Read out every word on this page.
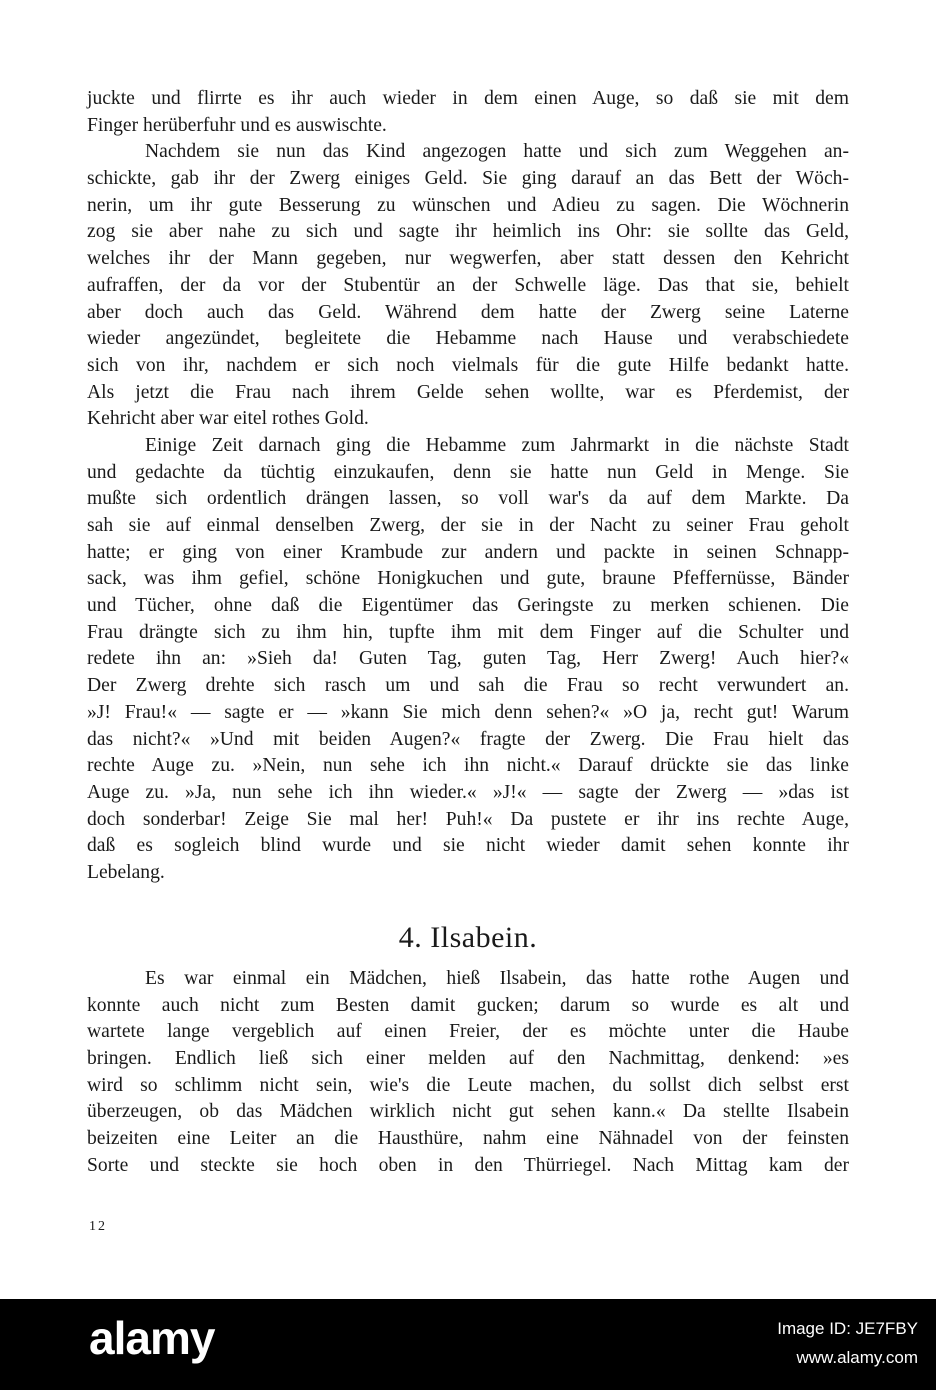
juckte und flirrte es ihr auch wieder in dem einen Auge, so daß sie mit dem
Finger herüberfuhr und es auswischte.
Nachdem sie nun das Kind angezogen hatte und sich zum Weggehen an-
schickte, gab ihr der Zwerg einiges Geld. Sie ging darauf an das Bett der Wöch-
nerin, um ihr gute Besserung zu wünschen und Adieu zu sagen. Die Wöchnerin
zog sie aber nahe zu sich und sagte ihr heimlich ins Ohr: sie sollte das Geld,
welches ihr der Mann gegeben, nur wegwerfen, aber statt dessen den Kehricht
aufraffen, der da vor der Stubentür an der Schwelle läge. Das that sie, behielt
aber doch auch das Geld. Während dem hatte der Zwerg seine Laterne
wieder angezündet, begleitete die Hebamme nach Hause und verabschiedete
sich von ihr, nachdem er sich noch vielmals für die gute Hilfe bedankt hatte.
Als jetzt die Frau nach ihrem Gelde sehen wollte, war es Pferdemist, der
Kehricht aber war eitel rothes Gold.
Einige Zeit darnach ging die Hebamme zum Jahrmarkt in die nächste Stadt
und gedachte da tüchtig einzukaufen, denn sie hatte nun Geld in Menge. Sie
mußte sich ordentlich drängen lassen, so voll war's da auf dem Markte. Da
sah sie auf einmal denselben Zwerg, der sie in der Nacht zu seiner Frau geholt
hatte; er ging von einer Krambude zur andern und packte in seinen Schnapp-
sack, was ihm gefiel, schöne Honigkuchen und gute, braune Pfeffernüsse, Bänder
und Tücher, ohne daß die Eigentümer das Geringste zu merken schienen. Die
Frau drängte sich zu ihm hin, tupfte ihm mit dem Finger auf die Schulter und
redete ihn an: »Sieh da! Guten Tag, guten Tag, Herr Zwerg! Auch hier?«
Der Zwerg drehte sich rasch um und sah die Frau so recht verwundert an.
»J! Frau!« — sagte er — »kann Sie mich denn sehen?« »O ja, recht gut! Warum
das nicht?« »Und mit beiden Augen?« fragte der Zwerg. Die Frau hielt das
rechte Auge zu. »Nein, nun sehe ich ihn nicht.« Darauf drückte sie das linke
Auge zu. »Ja, nun sehe ich ihn wieder.« »J!« — sagte der Zwerg — »das ist
doch sonderbar! Zeige Sie mal her! Puh!« Da pustete er ihr ins rechte Auge,
daß es sogleich blind wurde und sie nicht wieder damit sehen konnte ihr
Lebelang.
4. Ilsabein.
Es war einmal ein Mädchen, hieß Ilsabein, das hatte rothe Augen und
konnte auch nicht zum Besten damit gucken; darum so wurde es alt und
wartete lange vergeblich auf einen Freier, der es möchte unter die Haube
bringen. Endlich ließ sich einer melden auf den Nachmittag, denkend: »es
wird so schlimm nicht sein, wie's die Leute machen, du sollst dich selbst erst
überzeugen, ob das Mädchen wirklich nicht gut sehen kann.« Da stellte Ilsabein
beizeiten eine Leiter an die Hausthüre, nahm eine Nähnadel von der feinsten
Sorte und steckte sie hoch oben in den Thürriegel. Nach Mittag kam der
12
alamy	Image ID: JE7FBY
www.alamy.com
